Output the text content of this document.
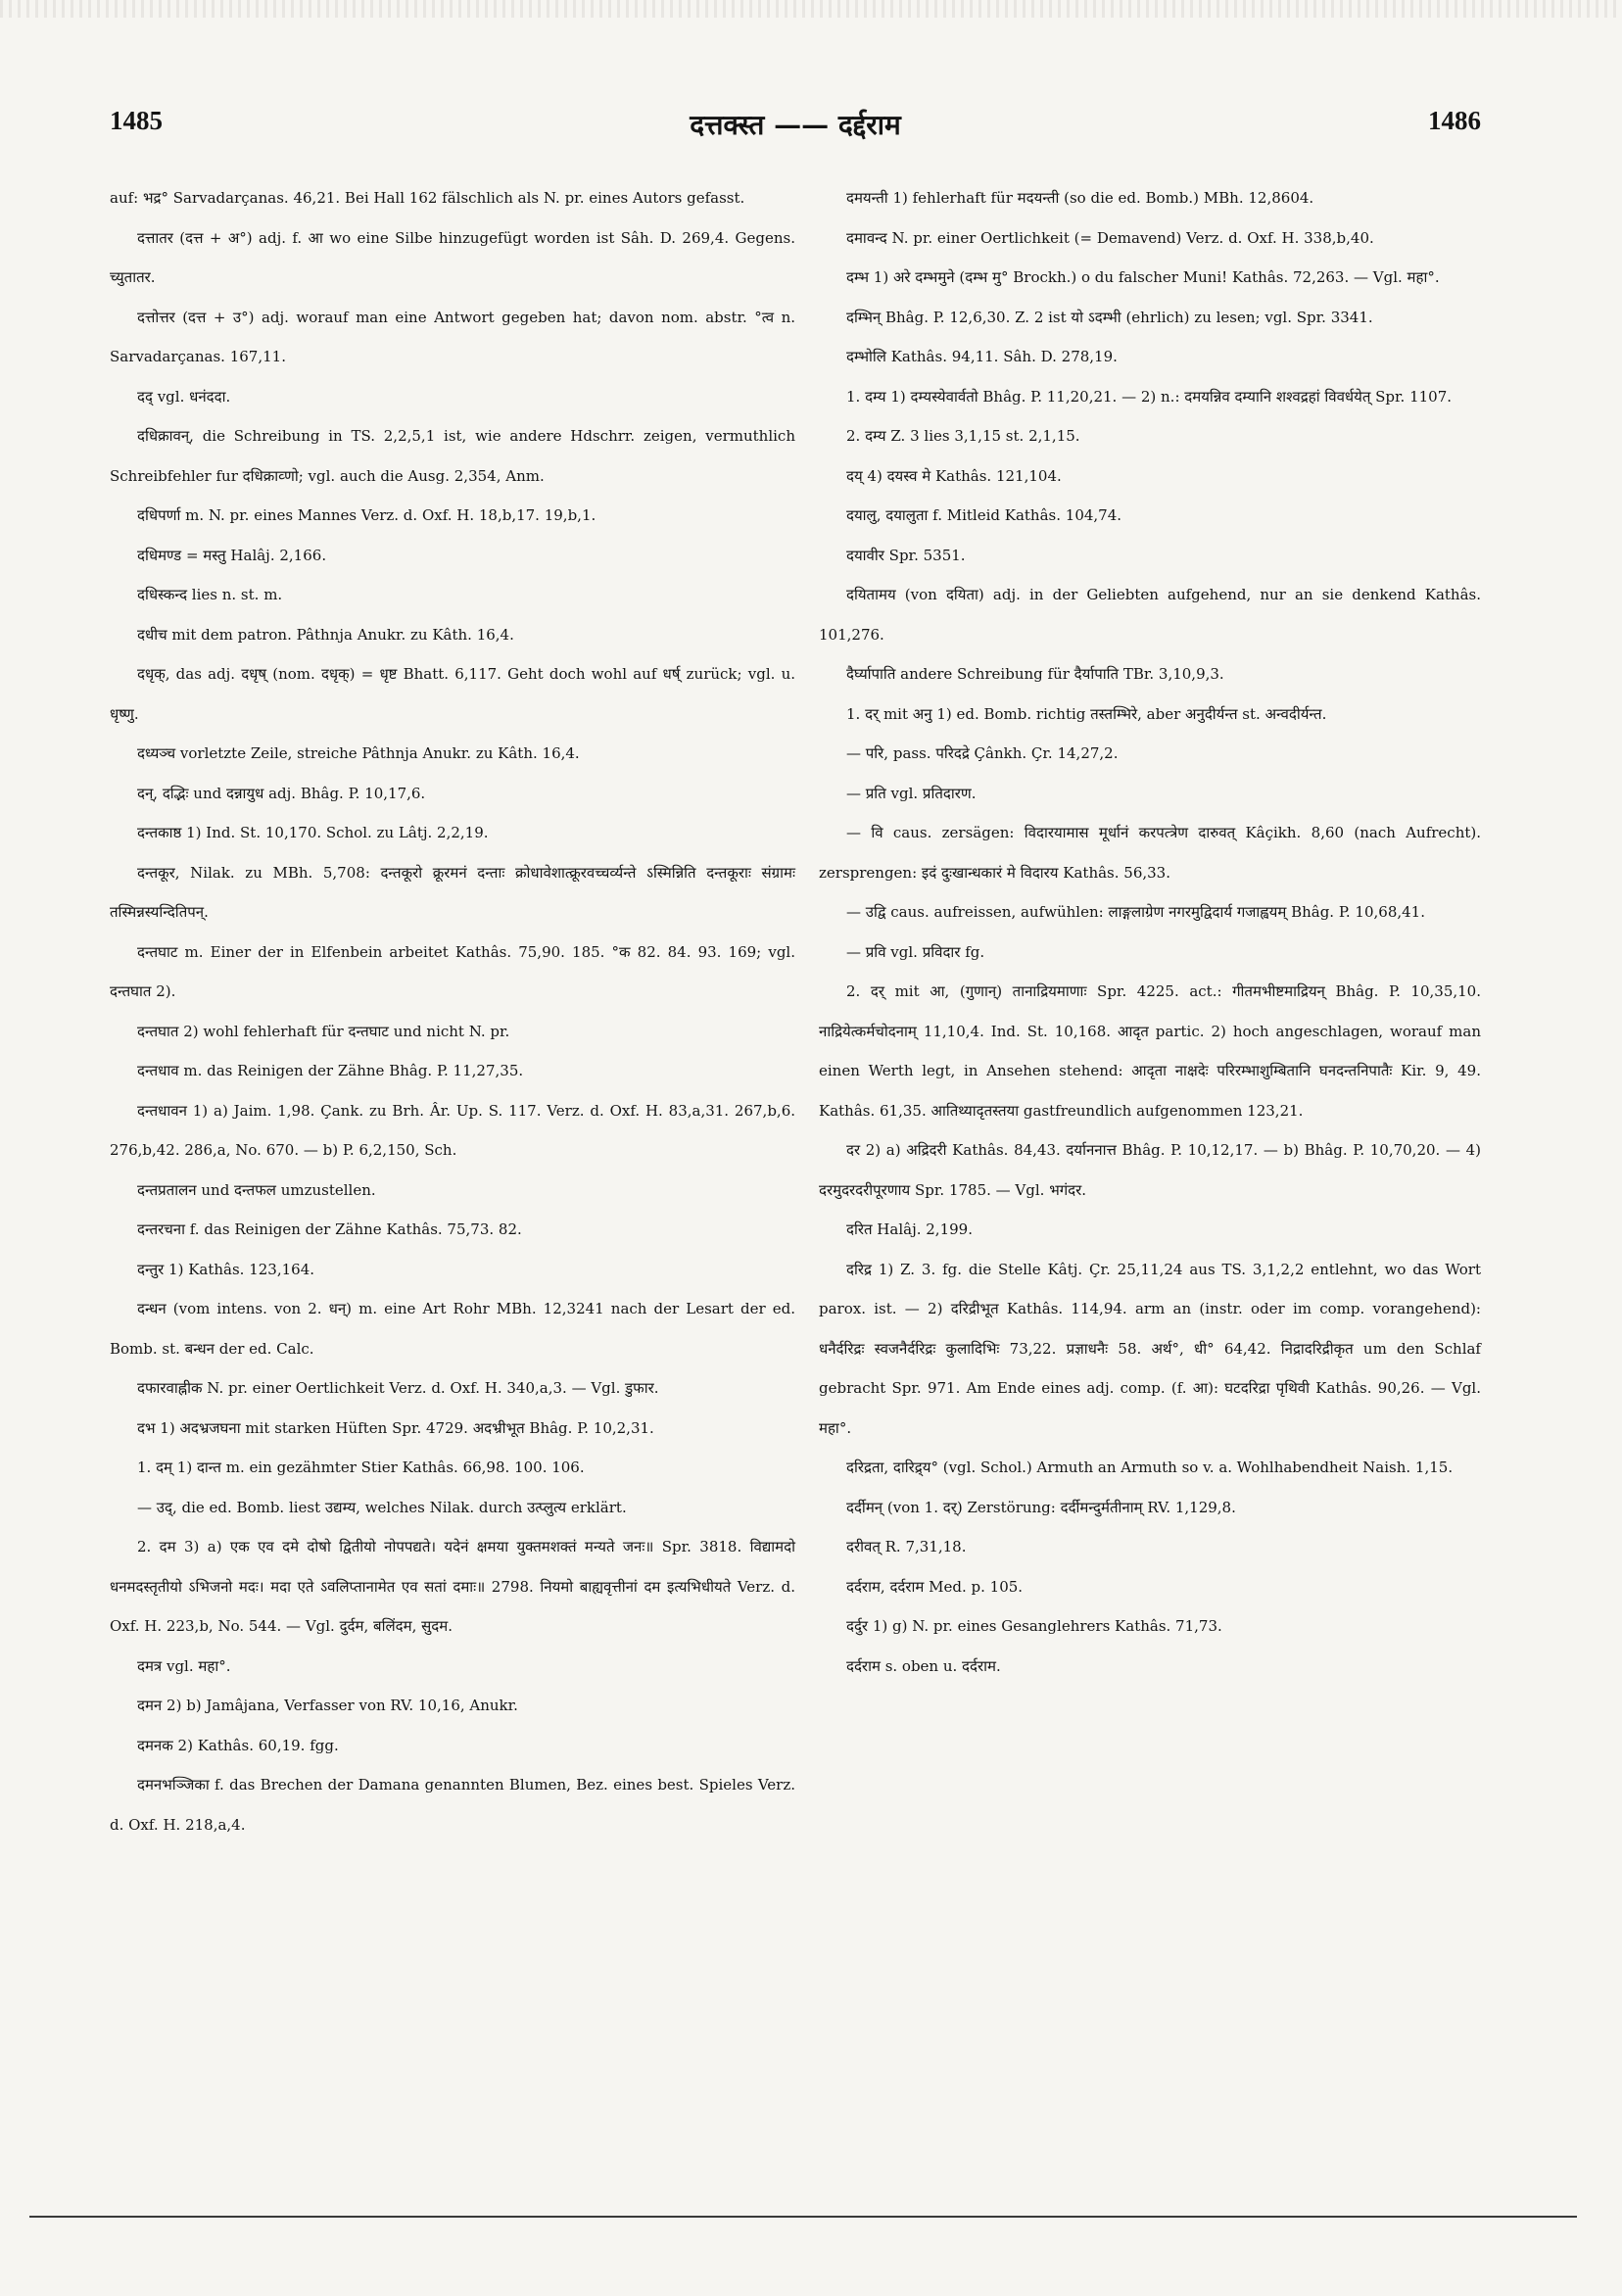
1485	दत्तक्स्त —— दर्द्दराम	1486

auf: भद्र° Sarvadarçanas. 46,21. Bei Hall 162 fälschlich als N. pr. eines Autors gefasst.

दत्तातर (दत्त + अ°) adj. f. आ wo eine Silbe hinzugefügt worden ist Sâh. D. 269,4. Gegens. च्युतातर.

दत्तोत्तर (दत्त + उ°) adj. worauf man eine Antwort gegeben hat; davon nom. abstr. °त्व n. Sarvadarçanas. 167,11.

दद् vgl. धनंददा.

दधिक्रावन्, die Schreibung in TS. 2,2,5,1 ist, wie andere Hdschrr. zeigen, vermuthlich Schreibfehler fur दधिक्राव्णो; vgl. auch die Ausg. 2,354, Anm.

दधिपर्णा m. N. pr. eines Mannes Verz. d. Oxf. H. 18,b,17. 19,b,1.

दधिमण्ड = मस्तु Halâj. 2,166.

दधिस्कन्द lies n. st. m.

दधीच mit dem patron. Pâthnja Anukr. zu Kâth. 16,4.

दधृक्, das adj. दधृष् (nom. दधृक्) = धृष्ट Bhatt. 6,117. Geht doch wohl auf धर्ष् zurück; vgl. u. धृष्णु.

दध्यञ्च vorletzte Zeile, streiche Pâthnja Anukr. zu Kâth. 16,4.

दन्, दद्भिः und दन्नायुध adj. Bhâg. P. 10,17,6.

दन्तकाष्ठ 1) Ind. St. 10,170. Schol. zu Lâtj. 2,2,19.

दन्तकूर, Nilak. zu MBh. 5,708: दन्तकूरो क्रूरमनं दन्ताः क्रोधावेशात्क्रूरवच्चर्व्यन्ते ऽस्मिन्निति दन्तकूराः संग्रामः तस्मिन्नस्यन्दितिपन्.

दन्तघाट m. Einer der in Elfenbein arbeitet Kathâs. 75,90. 185. °क 82. 84. 93. 169; vgl. दन्तघात 2).

दन्तघात 2) wohl fehlerhaft für दन्तघाट und nicht N. pr.

दन्तधाव m. das Reinigen der Zähne Bhâg. P. 11,27,35.

दन्तधावन 1) a) Jaim. 1,98. Çank. zu Brh. Âr. Up. S. 117. Verz. d. Oxf. H. 83,a,31. 267,b,6. 276,b,42. 286,a, No. 670. — b) P. 6,2,150, Sch.

दन्तप्रतालन und दन्तफल umzustellen.

दन्तरचना f. das Reinigen der Zähne Kathâs. 75,73. 82.

दन्तुर 1) Kathâs. 123,164.

दन्धन (vom intens. von 2. धन्) m. eine Art Rohr MBh. 12,3241 nach der Lesart der ed. Bomb. st. बन्धन der ed. Calc.

दफारवाह्नीक N. pr. einer Oertlichkeit Verz. d. Oxf. H. 340,a,3. — Vgl. डुफार.

दभ 1) अदभ्रजघना mit starken Hüften Spr. 4729. अदभ्रीभूत Bhâg. P. 10,2,31.

1. दम् 1) दान्त m. ein gezähmter Stier Kathâs. 66,98. 100. 106.

— उद्, die ed. Bomb. liest उद्यम्य, welches Nilak. durch उत्प्लुत्य erklärt.

2. दम 3) a) एक एव दमे दोषो द्वितीयो नोपपद्यते। यदेनं क्षमया युक्तमशक्तं मन्यते जनः॥ Spr. 3818. विद्यामदो धनमदस्तृतीयो ऽभिजनो मदः। मदा एते ऽवलिप्तानामेत एव सतां दमाः॥ 2798. नियमो बाह्यवृत्तीनां दम इत्यभिधीयते Verz. d. Oxf. H. 223,b, No. 544. — Vgl. दुर्दम, बलिंदम, सुदम.

दमत्र vgl. महा°.

दमन 2) b) Jamâjana, Verfasser von RV. 10,16, Anukr.

दमनक 2) Kathâs. 60,19. fgg.

दमनभञ्जिका f. das Brechen der Damana genannten Blumen, Bez. eines best. Spieles Verz. d. Oxf. H. 218,a,4.

दमयन्ती 1) fehlerhaft für मदयन्ती (so die ed. Bomb.) MBh. 12,8604.

दमावन्द N. pr. einer Oertlichkeit (= Demavend) Verz. d. Oxf. H. 338,b,40.

दम्भ 1) अरे दम्भमुने (दम्भ मु° Brockh.) o du falscher Muni! Kathâs. 72,263. — Vgl. महा°.

दम्भिन् Bhâg. P. 12,6,30. Z. 2 ist यो ऽदम्भी (ehrlich) zu lesen; vgl. Spr. 3341.

दम्भोलि Kathâs. 94,11. Sâh. D. 278,19.

1. दम्य 1) दम्यस्येवार्वतो Bhâg. P. 11,20,21. — 2) n.: दमयन्निव दम्यानि शश्वद्रहां विवर्धयेत् Spr. 1107.

2. दम्य Z. 3 lies 3,1,15 st. 2,1,15.

दय् 4) दयस्व मे Kathâs. 121,104.

दयालु, दयालुता f. Mitleid Kathâs. 104,74.

दयावीर Spr. 5351.

दयितामय (von दयिता) adj. in der Geliebten aufgehend, nur an sie denkend Kathâs. 101,276.

दैर्घ्यापाति andere Schreibung für दैर्यापाति TBr. 3,10,9,3.

1. दर् mit अनु 1) ed. Bomb. richtig तस्तम्भिरे, aber अनुदीर्यन्त st. अन्वदीर्यन्त.

— परि, pass. परिदद्रे Çânkh. Çr. 14,27,2.

— प्रति vgl. प्रतिदारण.

— वि caus. zersägen: विदारयामास मूर्धानं करपत्त्रेण दारुवत् Kâçikh. 8,60 (nach Aufrecht). zersprengen: इदं दुःखान्धकारं मे विदारय Kathâs. 56,33.

— उद्वि caus. aufreissen, aufwühlen: लाङ्गलाग्रेण नगरमुद्विदार्य गजाह्वयम् Bhâg. P. 10,68,41.

— प्रवि vgl. प्रविदार fg.

2. दर् mit आ, (गुणान्) तानाद्रियमाणाः Spr. 4225. act.: गीतमभीष्टमाद्रियन् Bhâg. P. 10,35,10. नाद्रियेत्कर्मचोदनाम् 11,10,4. Ind. St. 10,168. आदृत partic. 2) hoch angeschlagen, worauf man einen Werth legt, in Ansehen stehend: आदृता नाक्षदेः परिरम्भाशुम्बितानि घनदन्तनिपातैः Kir. 9, 49. Kathâs. 61,35. आतिथ्यादृतस्तया gastfreundlich aufgenommen 123,21.

दर 2) a) अद्रिदरी Kathâs. 84,43. दर्याननात्त Bhâg. P. 10,12,17. — b) Bhâg. P. 10,70,20. — 4) दरमुदरदरीपूरणाय Spr. 1785. — Vgl. भगंदर.

दरित Halâj. 2,199.

दरिद्र 1) Z. 3. fg. die Stelle Kâtj. Çr. 25,11,24 aus TS. 3,1,2,2 entlehnt, wo das Wort parox. ist. — 2) दरिद्रीभूत Kathâs. 114,94. arm an (instr. oder im comp. vorangehend): धनैर्दरिद्रः स्वजनैर्दरिद्रः कुलादिभिः 73,22. प्रज्ञाधनैः 58. अर्थ°, धी° 64,42. निद्रादरिद्रीकृत um den Schlaf gebracht Spr. 971. Am Ende eines adj. comp. (f. आ): घटदरिद्रा पृथिवी Kathâs. 90,26. — Vgl. महा°.

दरिद्रता, दारिद्र्य° (vgl. Schol.) Armuth an Armuth so v. a. Wohlhabendheit Naish. 1,15.

दर्दीमन् (von 1. दर्) Zerstörung: दर्दीमन्दुर्मतीनाम् RV. 1,129,8.

दरीवत् R. 7,31,18.

दर्दराम, दर्दराम Med. p. 105.

दर्दुर 1) g) N. pr. eines Gesanglehrers Kathâs. 71,73.

दर्दराम s. oben u. दर्दराम.
